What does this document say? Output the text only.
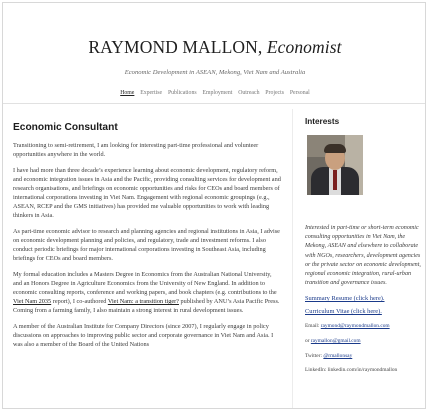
RAYMOND MALLON, Economist
Economic Development in ASEAN, Mekong, Viet Nam and Australia
Home Expertise Publications Employment Outreach Projects Personal
Economic Consultant

Transitioning to semi-retirement, I am looking for interesting part-time professional and volunteer opportunities anywhere in the world.

I have had more than three decade’s experience learning about economic development, regulatory reform, and economic integration issues in Asia and the Pacific, providing consulting services for development and research organisations, and briefings on economic opportunities and risks for CEOs and board members of international corporations investing in Viet Nam. Engagement with regional economic groupings (e.g., ASEAN, RCEP and the GMS initiatives) has provided me valuable opportunities to work with leading thinkers in Asia.

As part-time economic advisor to research and planning agencies and regional institutions in Asia, I advise on economic development planning and policies, and regulatory, trade and investment reforms. I also conduct periodic briefings for major international corporations investing in Southeast Asia, including briefings for CEOs and board members.

My formal education includes a Masters Degree in Economics from the Australian National University, and an Honors Degree in Agriculture Economics from the University of New England. In addition to economic consulting reports, conference and working papers, and book chapters (e.g. contributions to the Viet Nam 2035 report), I co-authored Viet Nam: a transition tiger? published by ANU’s Asia Pacific Press. Coming from a farming family, I also maintain a strong interest in rural development issues.

A member of the Australian Institute for Company Directors (since 2007), I regularly engage in policy discussions on approaches to improving public sector and corporate governance in Viet Nam and Asia. I was also a member of the Board of the United Nations

Interests

Interested in part-time or short-term economic consulting opportunities in Viet Nam, the Mekong, ASEAN and elsewhere to collaborate with NGOs, researchers, development agencies or the private sector on economic development, regional economic integration, rural-urban transition and governance issues.

Summary Resume (click here).
Curriculum Vitae (click here).
Email: raymond@raymondmallon.com
or raymallon@gmail.com
Twitter: @rmallonsay
LinkedIn: linkedin.com/in/raymondmallon
